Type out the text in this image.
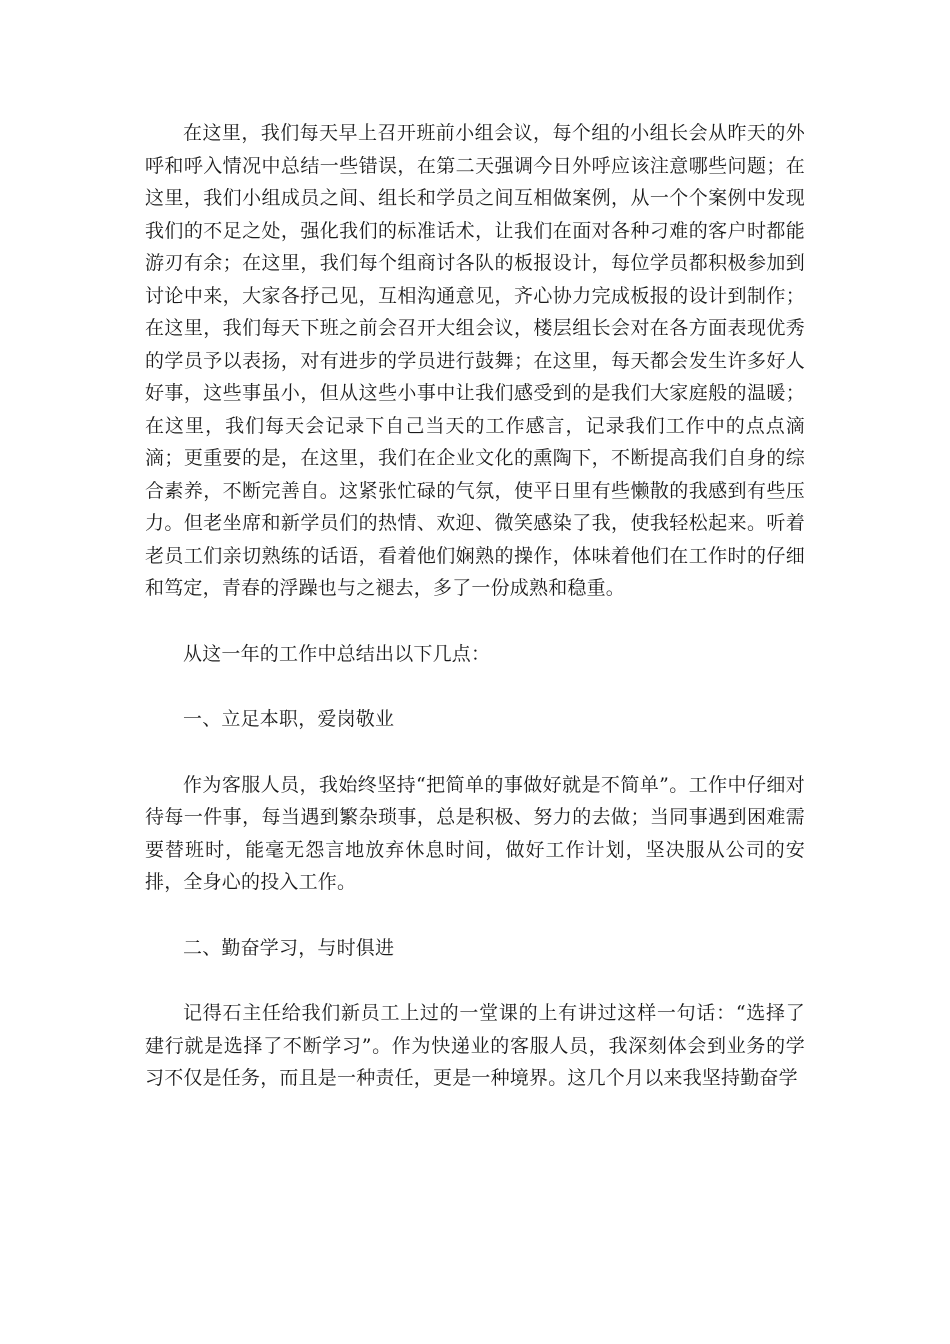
在这里，我们每天早上召开班前小组会议，每个组的小组长会从昨天的外呼和呼入情况中总结一些错误，在第二天强调今日外呼应该注意哪些问题；在这里，我们小组成员之间、组长和学员之间互相做案例，从一个个案例中发现我们的不足之处，强化我们的标准话术，让我们在面对各种刁难的客户时都能游刃有余；在这里，我们每个组商讨各队的板报设计，每位学员都积极参加到讨论中来，大家各抒己见，互相沟通意见，齐心协力完成板报的设计到制作；在这里，我们每天下班之前会召开大组会议，楼层组长会对在各方面表现优秀的学员予以表扬，对有进步的学员进行鼓舞；在这里，每天都会发生许多好人好事，这些事虽小，但从这些小事中让我们感受到的是我们大家庭般的温暖；在这里，我们每天会记录下自己当天的工作感言，记录我们工作中的点点滴滴；更重要的是，在这里，我们在企业文化的熏陶下，不断提高我们自身的综合素养，不断完善自。这紧张忙碌的气氛，使平日里有些懒散的我感到有些压力。但老坐席和新学员们的热情、欢迎、微笑感染了我，使我轻松起来。听着老员工们亲切熟练的话语，看着他们娴熟的操作，体味着他们在工作时的仔细和笃定，青春的浮躁也与之褪去，多了一份成熟和稳重。

从这一年的工作中总结出以下几点：

一、立足本职，爱岗敬业

作为客服人员，我始终坚持“把简单的事做好就是不简单”。工作中仔细对待每一件事，每当遇到繁杂琐事，总是积极、努力的去做；当同事遇到困难需要替班时，能毫无怨言地放弃休息时间，做好工作计划，坚决服从公司的安排，全身心的投入工作。

二、勤奋学习，与时俱进

记得石主任给我们新员工上过的一堂课的上有讲过这样一句话：“选择了建行就是选择了不断学习”。作为快递业的客服人员，我深刻体会到业务的学习不仅是任务，而且是一种责任，更是一种境界。这几个月以来我坚持勤奋学
